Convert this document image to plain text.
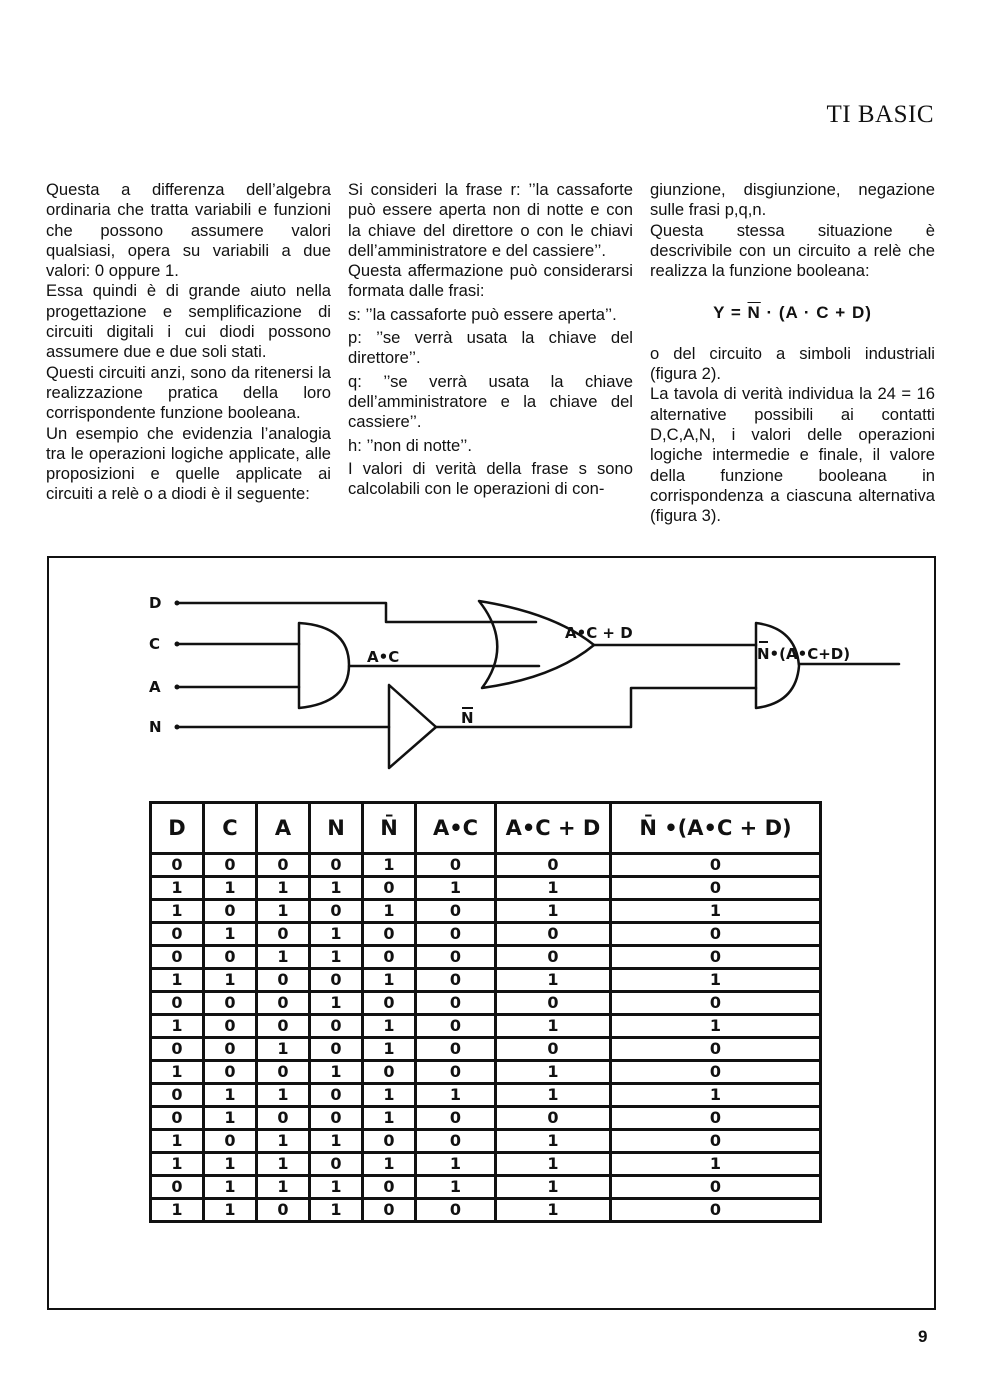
TI BASIC

Questa a differenza dell’algebra ordinaria che tratta variabili e funzioni che possono assumere valori qualsiasi, opera su variabili a due valori: 0 oppure 1.

Essa quindi è di grande aiuto nella progettazione e semplificazione di circuiti digitali i cui diodi possono assumere due e due soli stati.

Questi circuiti anzi, sono da ritenersi la realizzazione pratica della loro corrispondente funzione booleana.

Un esempio che evidenzia l’analogia tra le operazioni logiche applicate, alle proposizioni e quelle applicate ai circuiti a relè o a diodi è il seguente:

Si consideri la frase r: ’’la cassaforte può essere aperta non di notte e con la chiave del direttore o con le chiavi dell’amministratore e del cassiere’’.

Questa affermazione può considerarsi formata dalle frasi:

s: ’’la cassaforte può essere aperta’’.

p: ’’se verrà usata la chiave del direttore’’.

q: ’’se verrà usata la chiave dell’amministratore e la chiave del cassiere’’.

h: ’’non di notte’’.

I valori di verità della frase s sono calcolabili con le operazioni di con-

giunzione, disgiunzione, negazione sulle frasi p,q,n.

Questa stessa situazione è descrivibile con un circuito a relè che realizza la funzione booleana:

$Y = \overline{N} \cdot (A \cdot C + D)$

o del circuito a simboli industriali (figura 2).

La tavola di verità individua la 24 = 16 alternative possibili ai contatti D,C,A,N, i valori delle operazioni logiche intermedie e finale, il valore della funzione booleana in corrispondenza a ciascuna alternativa (figura 3).

D
C
A
N
A•C
A•C + D
N
N•(A•C+D)
D	C	A	N	N̄	A•C	A•C + D	N̄ •(A•C + D)
0	0	0	0	1	0	0	0
1	1	1	1	0	1	1	0
1	0	1	0	1	0	1	1
0	1	0	1	0	0	0	0
0	0	1	1	0	0	0	0
1	1	0	0	1	0	1	1
0	0	0	1	0	0	0	0
1	0	0	0	1	0	1	1
0	0	1	0	1	0	0	0
1	0	0	1	0	0	1	0
0	1	1	0	1	1	1	1
0	1	0	0	1	0	0	0
1	0	1	1	0	0	1	0
1	1	1	0	1	1	1	1
0	1	1	1	0	1	1	0
1	1	0	1	0	0	1	0
9
